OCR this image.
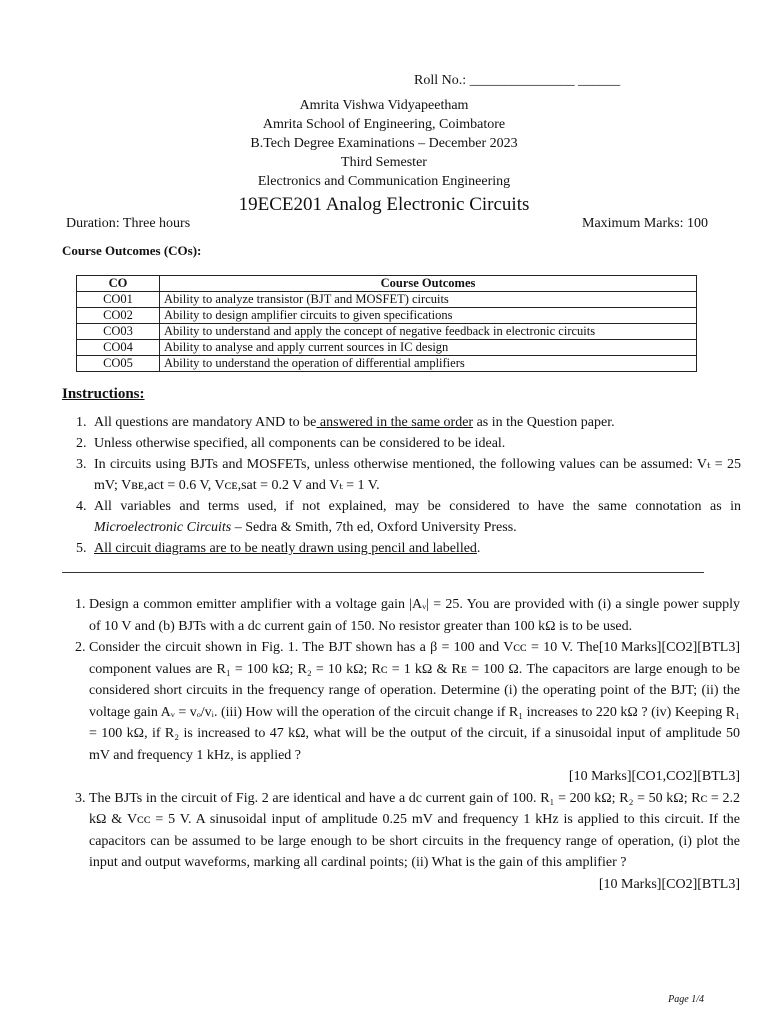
Roll No.: _______________ ______
Amrita Vishwa Vidyapeetham
Amrita School of Engineering, Coimbatore
B.Tech Degree Examinations – December 2023
Third Semester
Electronics and Communication Engineering
19ECE201 Analog Electronic Circuits
Duration: Three hours	Maximum Marks: 100
Course Outcomes (COs):
CO	Course Outcomes
CO01	Ability to analyze transistor (BJT and MOSFET) circuits
CO02	Ability to design amplifier circuits to given specifications
CO03	Ability to understand and apply the concept of negative feedback in electronic circuits
CO04	Ability to analyse and apply current sources in IC design
CO05	Ability to understand the operation of differential amplifiers
Instructions:
1. All questions are mandatory AND to be answered in the same order as in the Question paper.
2. Unless otherwise specified, all components can be considered to be ideal.
3. In circuits using BJTs and MOSFETs, unless otherwise mentioned, the following values can be assumed: Vₜ = 25 mV; Vʙᴇ,act = 0.6 V, Vᴄᴇ,sat = 0.2 V and Vₜ = 1 V.
4. All variables and terms used, if not explained, may be considered to have the same connotation as in Microelectronic Circuits – Sedra & Smith, 7th ed, Oxford University Press.
5. All circuit diagrams are to be neatly drawn using pencil and labelled.
1. Design a common emitter amplifier with a voltage gain |Aᵥ| = 25. You are provided with (i) a single power supply of 10 V and (b) BJTs with a dc current gain of 150. No resistor greater than 100 kΩ is to be used.
[10 Marks][CO2][BTL3]
2. Consider the circuit shown in Fig. 1. The BJT shown has a β = 100 and Vᴄᴄ = 10 V. The component values are R₁ = 100 kΩ; R₂ = 10 kΩ; Rᴄ = 1 kΩ & Rᴇ = 100 Ω. The capacitors are large enough to be considered short circuits in the frequency range of operation. Determine (i) the operating point of the BJT; (ii) the voltage gain Aᵥ = vₒ/vᵢ. (iii) How will the operation of the circuit change if R₁ increases to 220 kΩ ? (iv) Keeping R₁ = 100 kΩ, if R₂ is increased to 47 kΩ, what will be the output of the circuit, if a sinusoidal input of amplitude 50 mV and frequency 1 kHz, is applied ?
[10 Marks][CO1,CO2][BTL3]
3. The BJTs in the circuit of Fig. 2 are identical and have a dc current gain of 100. R₁ = 200 kΩ; R₂ = 50 kΩ; Rᴄ = 2.2 kΩ & Vᴄᴄ = 5 V. A sinusoidal input of amplitude 0.25 mV and frequency 1 kHz is applied to this circuit. If the capacitors can be assumed to be large enough to be short circuits in the frequency range of operation, (i) plot the input and output waveforms, marking all cardinal points; (ii) What is the gain of this amplifier ?
[10 Marks][CO2][BTL3]
Page 1/4
